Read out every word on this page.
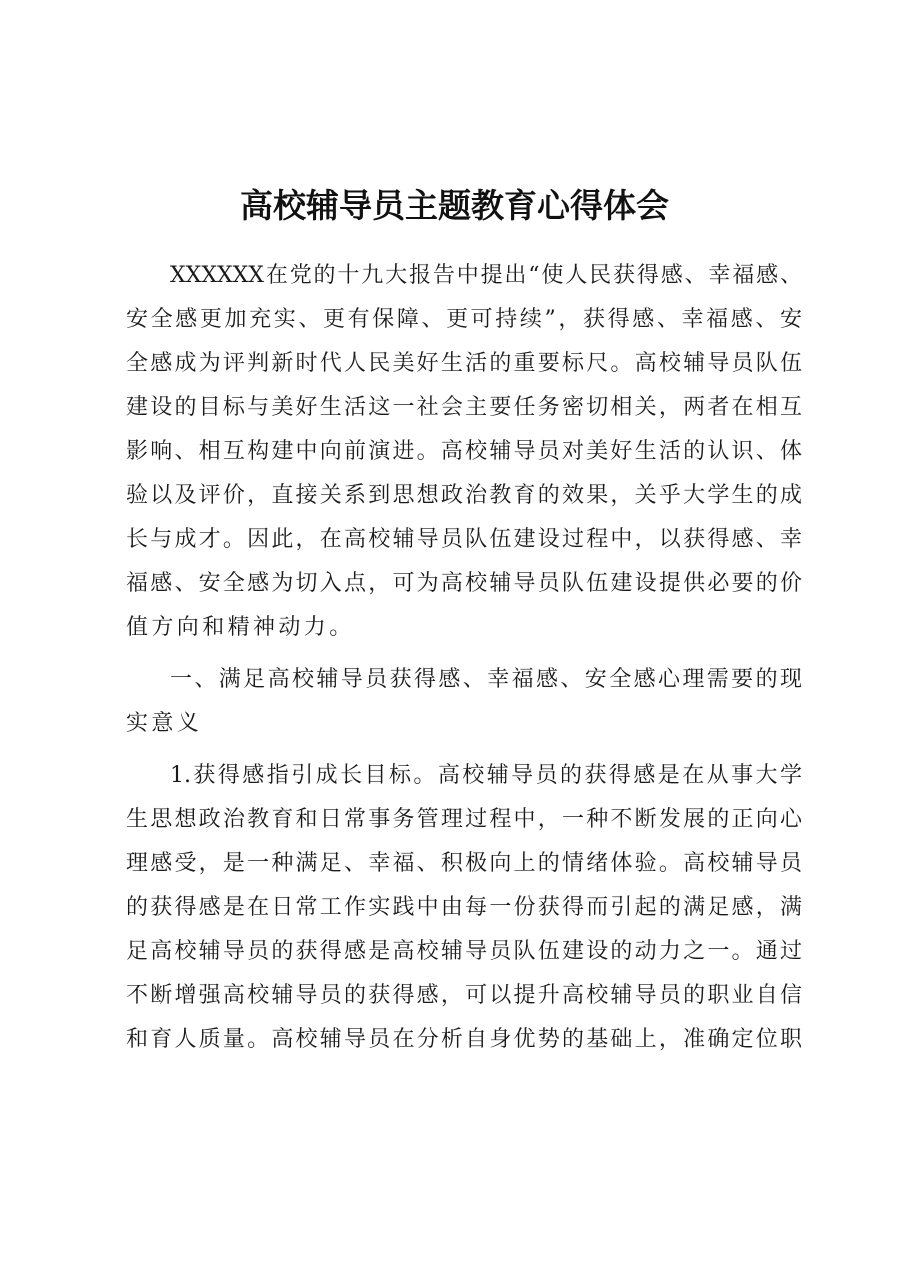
高校辅导员主题教育心得体会
XXXXXX在党的十九大报告中提出“使人民获得感、幸福感、
安全感更加充实、更有保障、更可持续”，获得感、幸福感、安
全感成为评判新时代人民美好生活的重要标尺。高校辅导员队伍
建设的目标与美好生活这一社会主要任务密切相关，两者在相互
影响、相互构建中向前演进。高校辅导员对美好生活的认识、体
验以及评价，直接关系到思想政治教育的效果，关乎大学生的成
长与成才。因此，在高校辅导员队伍建设过程中，以获得感、幸
福感、安全感为切入点，可为高校辅导员队伍建设提供必要的价
值方向和精神动力。
一、满足高校辅导员获得感、幸福感、安全感心理需要的现
实意义
1.获得感指引成长目标。高校辅导员的获得感是在从事大学
生思想政治教育和日常事务管理过程中，一种不断发展的正向心
理感受，是一种满足、幸福、积极向上的情绪体验。高校辅导员
的获得感是在日常工作实践中由每一份获得而引起的满足感，满
足高校辅导员的获得感是高校辅导员队伍建设的动力之一。通过
不断增强高校辅导员的获得感，可以提升高校辅导员的职业自信
和育人质量。高校辅导员在分析自身优势的基础上，准确定位职
